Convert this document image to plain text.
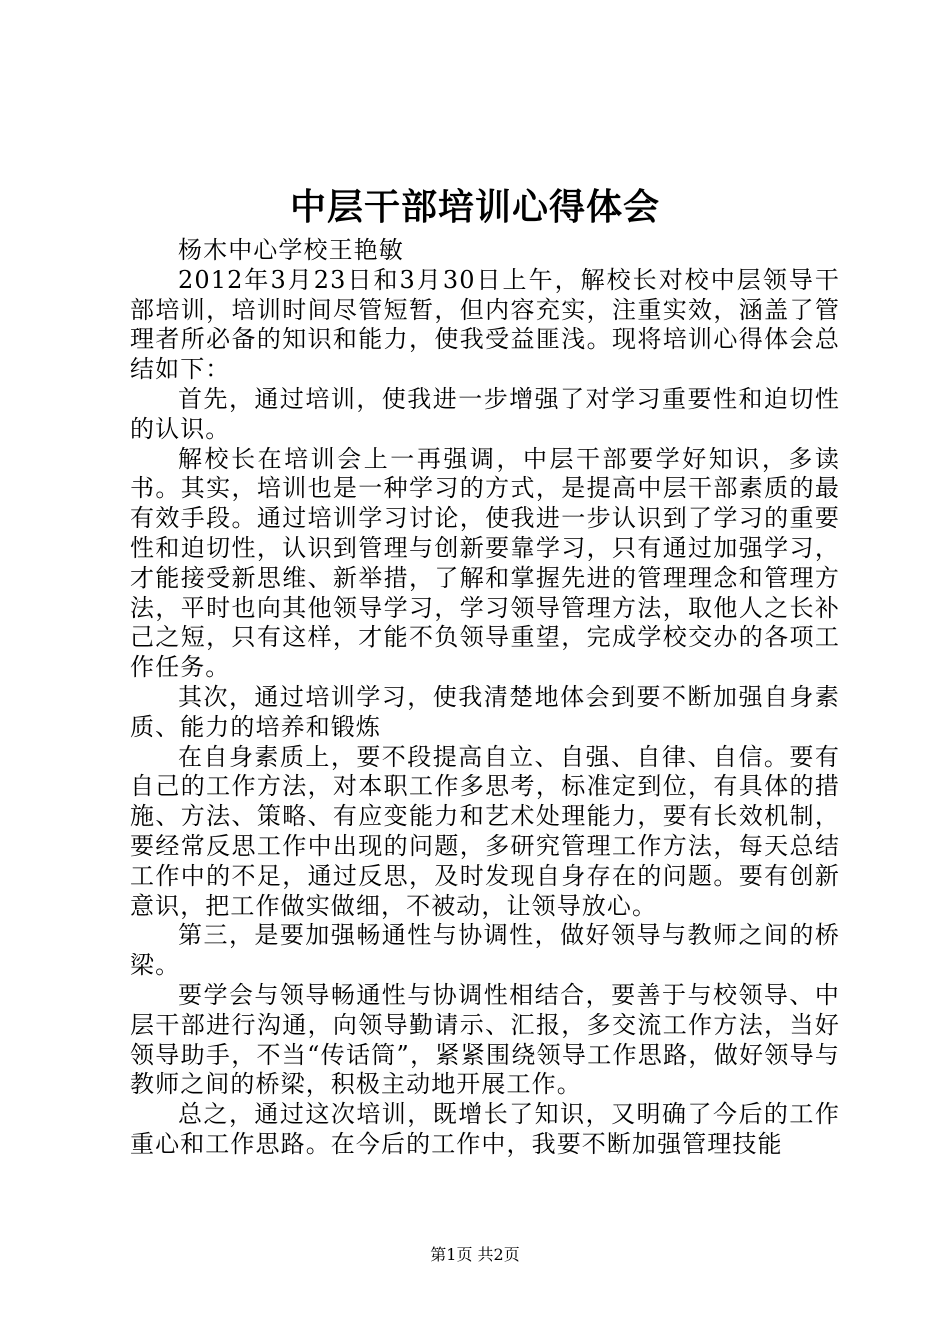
中层干部培训心得体会

杨木中心学校王艳敏

2012年3月23日和3月30日上午，解校长对校中层领导干部培训，培训时间尽管短暂，但内容充实，注重实效，涵盖了管理者所必备的知识和能力，使我受益匪浅。现将培训心得体会总结如下：

首先，通过培训，使我进一步增强了对学习重要性和迫切性的认识。

解校长在培训会上一再强调，中层干部要学好知识，多读书。其实，培训也是一种学习的方式，是提高中层干部素质的最有效手段。通过培训学习讨论，使我进一步认识到了学习的重要性和迫切性，认识到管理与创新要靠学习，只有通过加强学习，才能接受新思维、新举措，了解和掌握先进的管理理念和管理方法，平时也向其他领导学习，学习领导管理方法，取他人之长补己之短，只有这样，才能不负领导重望，完成学校交办的各项工作任务。

其次，通过培训学习，使我清楚地体会到要不断加强自身素质、能力的培养和锻炼

在自身素质上，要不段提高自立、自强、自律、自信。要有自己的工作方法，对本职工作多思考，标准定到位，有具体的措施、方法、策略、有应变能力和艺术处理能力，要有长效机制，要经常反思工作中出现的问题，多研究管理工作方法，每天总结工作中的不足，通过反思，及时发现自身存在的问题。要有创新意识，把工作做实做细，不被动，让领导放心。

第三，是要加强畅通性与协调性，做好领导与教师之间的桥梁。

要学会与领导畅通性与协调性相结合，要善于与校领导、中层干部进行沟通，向领导勤请示、汇报，多交流工作方法，当好领导助手，不当“传话筒”，紧紧围绕领导工作思路，做好领导与教师之间的桥梁，积极主动地开展工作。

总之，通过这次培训，既增长了知识，又明确了今后的工作重心和工作思路。在今后的工作中，我要不断加强管理技能

第1页 共2页
